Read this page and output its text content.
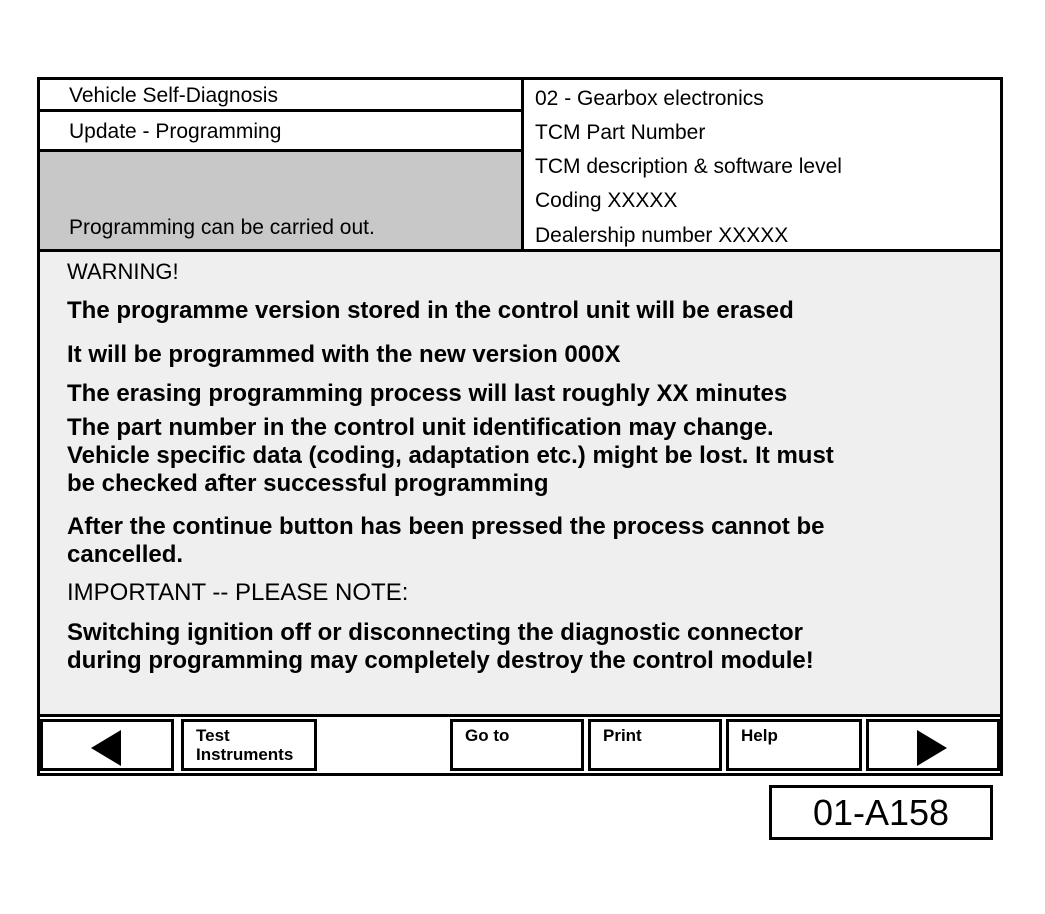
Vehicle Self-Diagnosis
Update - Programming
Programming can be carried out.
02 - Gearbox electronics
TCM Part Number
TCM description & software level
Coding XXXXX
Dealership number XXXXX
WARNING!
The programme version stored in the control unit will be erased
It will be programmed with the new version 000X
The erasing programming process will last roughly XX minutes
The part number in the control unit identification may change.
Vehicle specific data (coding, adaptation etc.) might be lost. It must
be checked after successful programming
After the continue button has been pressed the process cannot be
cancelled.
IMPORTANT -- PLEASE NOTE:
Switching ignition off or disconnecting the diagnostic connector
during programming may completely destroy the control module!
Test
Instruments
Go to	Print	Help
01-A158
